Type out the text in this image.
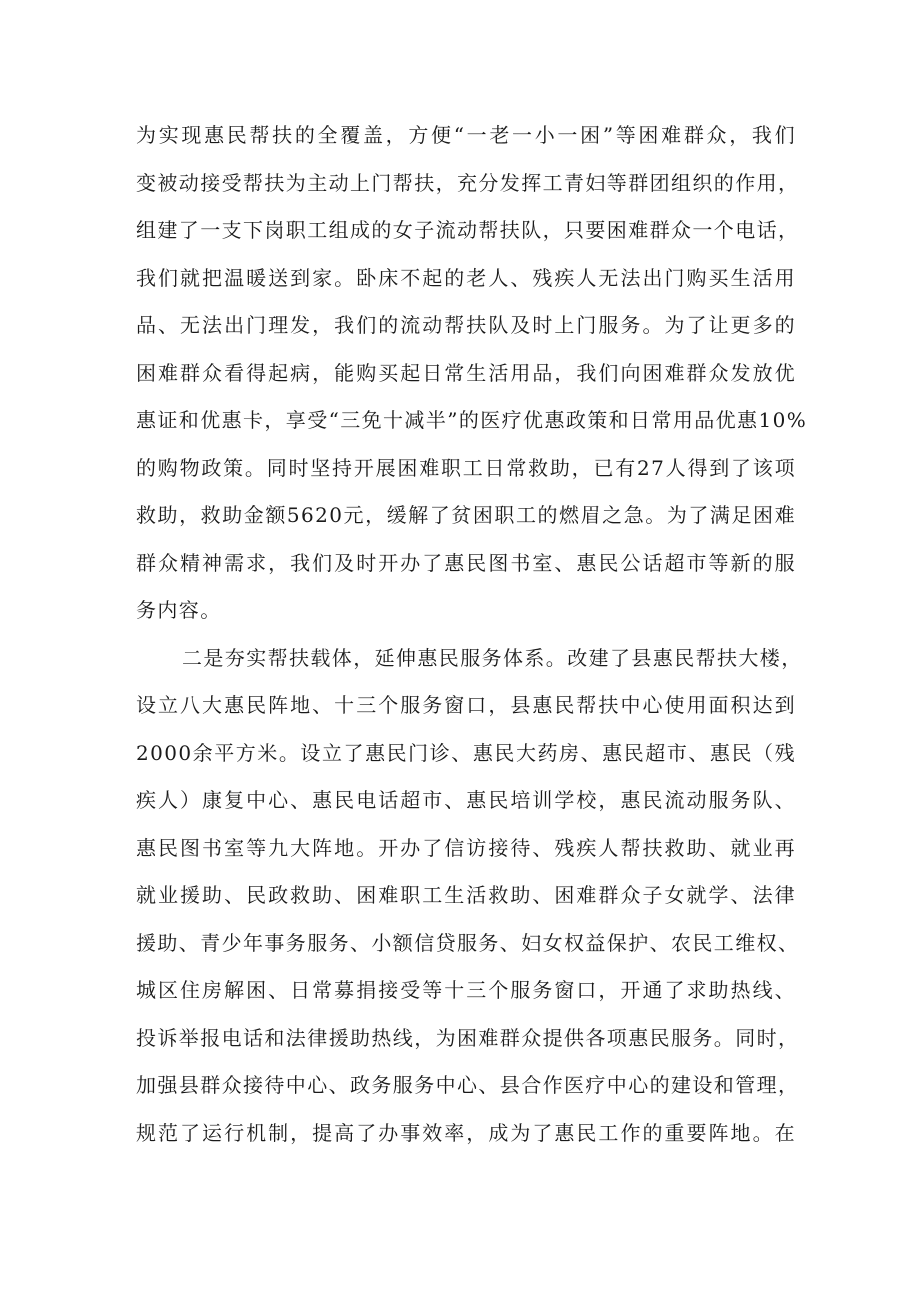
为实现惠民帮扶的全覆盖，方便“一老一小一困”等困难群众，我们
变被动接受帮扶为主动上门帮扶，充分发挥工青妇等群团组织的作用，
组建了一支下岗职工组成的女子流动帮扶队，只要困难群众一个电话，
我们就把温暖送到家。卧床不起的老人、残疾人无法出门购买生活用
品、无法出门理发，我们的流动帮扶队及时上门服务。为了让更多的
困难群众看得起病，能购买起日常生活用品，我们向困难群众发放优
惠证和优惠卡，享受“三免十减半”的医疗优惠政策和日常用品优惠10%
的购物政策。同时坚持开展困难职工日常救助，已有27人得到了该项
救助，救助金额5620元，缓解了贫困职工的燃眉之急。为了满足困难
群众精神需求，我们及时开办了惠民图书室、惠民公话超市等新的服
务内容。
二是夯实帮扶载体，延伸惠民服务体系。改建了县惠民帮扶大楼，
设立八大惠民阵地、十三个服务窗口，县惠民帮扶中心使用面积达到
2000余平方米。设立了惠民门诊、惠民大药房、惠民超市、惠民（残
疾人）康复中心、惠民电话超市、惠民培训学校，惠民流动服务队、
惠民图书室等九大阵地。开办了信访接待、残疾人帮扶救助、就业再
就业援助、民政救助、困难职工生活救助、困难群众子女就学、法律
援助、青少年事务服务、小额信贷服务、妇女权益保护、农民工维权、
城区住房解困、日常募捐接受等十三个服务窗口，开通了求助热线、
投诉举报电话和法律援助热线，为困难群众提供各项惠民服务。同时，
加强县群众接待中心、政务服务中心、县合作医疗中心的建设和管理，
规范了运行机制，提高了办事效率，成为了惠民工作的重要阵地。在
